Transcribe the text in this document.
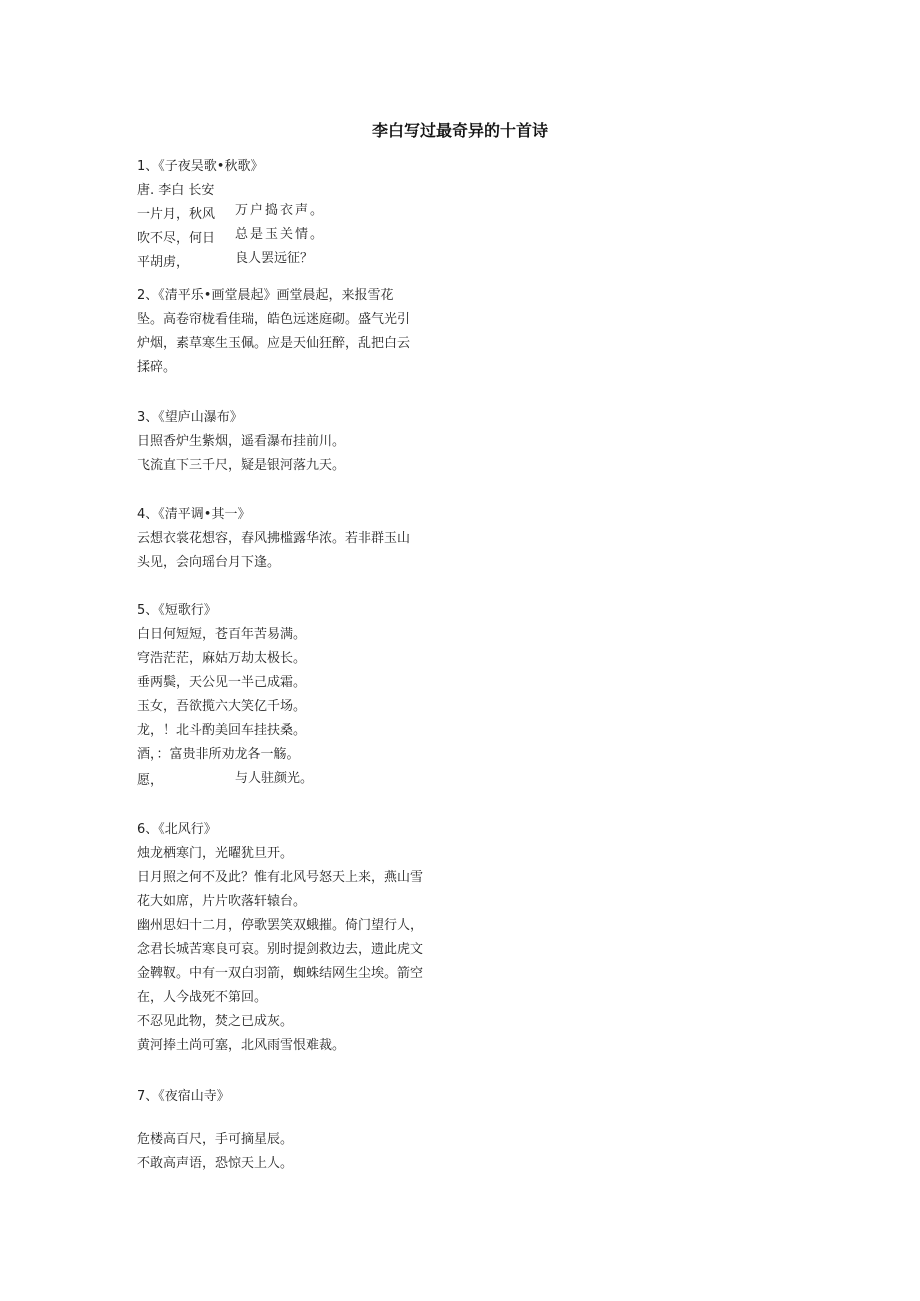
李白写过最奇异的十首诗
1、《子夜吴歌•秋歌》
唐. 李白 长安
一片月，秋风
吹不尽，何日
平胡虏，
万户捣衣声。
总是玉关情。
良人罢远征？
2、《清平乐•画堂晨起》画堂晨起，来报雪花
坠。高卷帘栊看佳瑞，皓色远迷庭砌。盛气光引
炉烟，素草寒生玉佩。应是天仙狂醉，乱把白云
揉碎。
3、《望庐山瀑布》
日照香炉生紫烟，遥看瀑布挂前川。
飞流直下三千尺，疑是银河落九天。
4、《清平调•其一》
云想衣裳花想容，春风拂槛露华浓。若非群玉山
头见，会向瑶台月下逢。
5、《短歌行》
白日何短短，苍百年苦易满。
穹浩茫茫，麻姑万劫太极长。
垂两鬓，天公见一半己成霜。
玉女，吾欲揽六大笑亿千场。
龙，！北斗酌美回车挂扶桑。
酒，：富贵非所劝龙各一觞。
愿，	与人驻颜光。
6、《北风行》
烛龙栖寒门，光曜犹旦开。
日月照之何不及此？惟有北风号怒天上来，燕山雪
花大如席，片片吹落轩辕台。
幽州思妇十二月，停歌罢笑双蛾摧。倚门望行人，
念君长城苦寒良可哀。别时提剑救边去，遗此虎文
金鞞靫。中有一双白羽箭，蜘蛛结网生尘埃。箭空
在，人今战死不第回。
不忍见此物，焚之已成灰。
黄河捧土尚可塞，北风雨雪恨难裁。
7、《夜宿山寺》
危楼高百尺，手可摘星辰。
不敢高声语，恐惊天上人。
